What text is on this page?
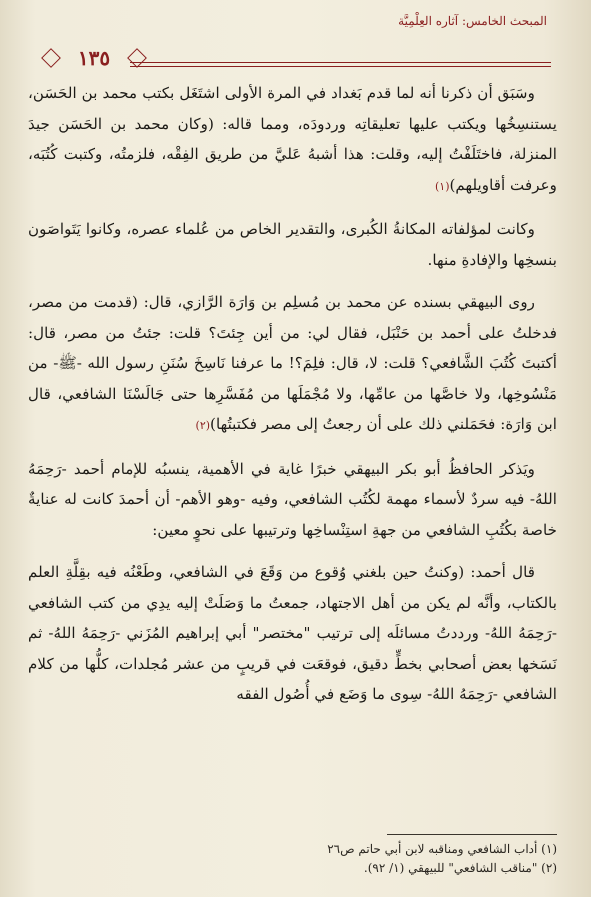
المبحث الخامس: آثاره العِلْمِيَّة
١٣٥

وسَبَق أن ذكرنا أنه لما قدم بَغداد في المرة الأولى اشتَغَل بكتب محمد بن الحَسَن، يستنسِخُها ويكتب عليها تعليقاتِه وردودَه، ومما قاله: (وكان محمد بن الحَسَن جيدَ المنزلة، فاختَلَفْتُ إليه، وقلت: هذا أشبهُ عَليَّ من طريق الفِقْه، فلزمتُه، وكتبت كُتُبَه، وعرفت أقاويلهم)(١)

وكانت لمؤلفاته المكانةُ الكُبرى، والتقدير الخاص من عُلماء عصره، وكانوا يَتَواصَون بنسخِها والإفادةِ منها.

روى البيهقي بسنده عن محمد بن مُسلِم بن وَارَة الرَّازي، قال: (قدمت من مصر، فدخلتُ على أحمد بن حَنْبَل، فقال لي: من أين جِئتَ؟ قلت: جئتُ من مصر، قال: أكتبتَ كُتُبَ الشَّافعي؟ قلت: لا، قال: فلِمَ؟! ما عرفنا نَاسِخَ سُنَنِ رسول الله -ﷺ- من مَنْسُوخِها، ولا خاصَّها من عامِّها، ولا مُجْمَلَها من مُفَسَّرِها حتى جَالَسْنَا الشافعي، قال ابن وَارَة: فحَمَلني ذلك على أن رجعتُ إلى مصر فكتبتُها)(٢)

ويَذكر الحافظُ أبو بكر البيهقي خبرًا غاية في الأهمية، ينسبُه للإمام أحمد -رَحِمَهُ اللهُ- فيه سردٌ لأسماء مهمة لكُتُب الشافعي، وفيه -وهو الأهم- أن أحمدَ كانت له عنايةٌ خاصة بكُتُبِ الشافعي من جهةِ استِنْساخِها وترتيبها على نحوٍ معين:

قال أحمد: (وكنتُ حين بلغني وُقوع من وَقَعَ في الشافعي، وطَعْنُه فيه بقِلَّةِ العلم بالكتاب، وأنَّه لم يكن من أهل الاجتهاد، جمعتُ ما وَصَلَتْ إليه يدِي من كتب الشافعي -رَحِمَهُ اللهُ- ورددتُ مسائلَه إلى ترتيب "مختصر" أبي إبراهيم المُزَني -رَحِمَهُ اللهُ- ثم نَسَخها بعض أصحابي بخطٍّ دقيق، فوقعَت في قريبٍ من عشر مُجلدات، كلُّها من كلام الشافعي -رَحِمَهُ اللهُ- سِوى ما وَضَع في أُصُول الفقه

(١) أداب الشافعي ومناقبه لابن أبي حاتم ص٢٦
(٢) "مناقب الشافعي" للبيهقي (١/ ٩٢).
